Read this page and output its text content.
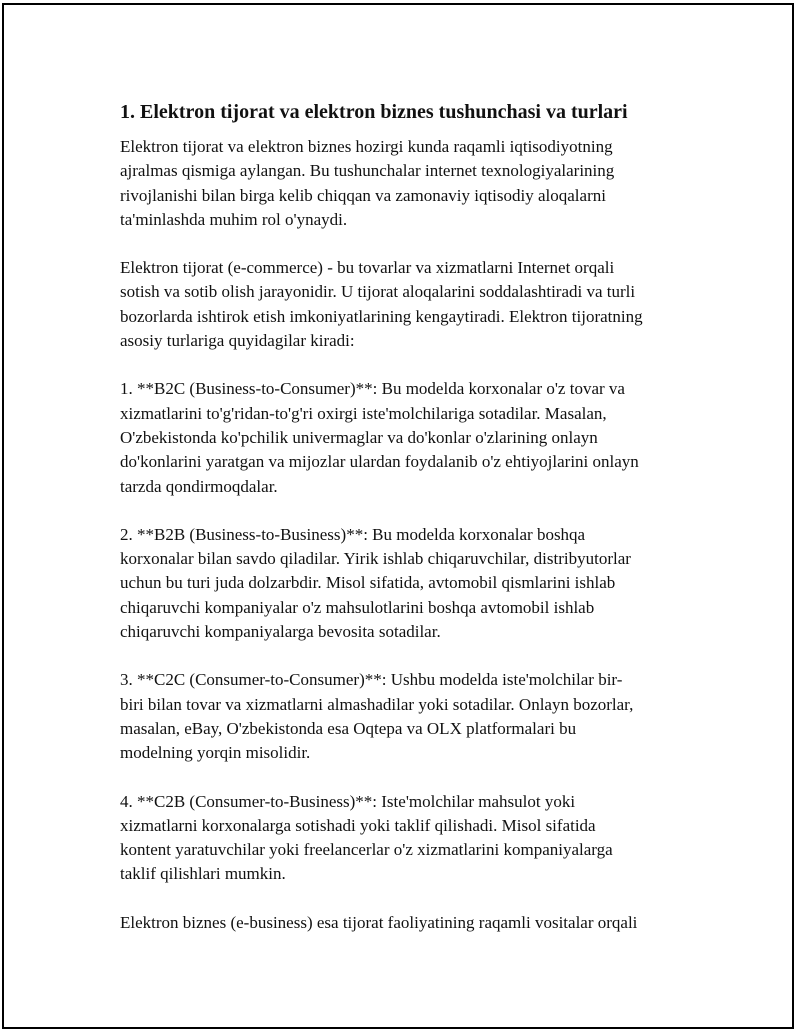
1. Elektron tijorat va elektron biznes tushunchasi va turlari
Elektron tijorat va elektron biznes hozirgi kunda raqamli iqtisodiyotning
ajralmas qismiga aylangan. Bu tushunchalar internet texnologiyalarining
rivojlanishi bilan birga kelib chiqqan va zamonaviy iqtisodiy aloqalarni
ta'minlashda muhim rol o'ynaydi.
Elektron tijorat (e-commerce) - bu tovarlar va xizmatlarni Internet orqali
sotish va sotib olish jarayonidir. U tijorat aloqalarini soddalashtiradi va turli
bozorlarda ishtirok etish imkoniyatlarining kengaytiradi. Elektron tijoratning
asosiy turlariga quyidagilar kiradi:
1. **B2C (Business-to-Consumer)**: Bu modelda korxonalar o'z tovar va
xizmatlarini to'g'ridan-to'g'ri oxirgi iste'molchilariga sotadilar. Masalan,
O'zbekistonda ko'pchilik univermaglar va do'konlar o'zlarining onlayn
do'konlarini yaratgan va mijozlar ulardan foydalanib o'z ehtiyojlarini onlayn
tarzda qondirmoqdalar.
2. **B2B (Business-to-Business)**: Bu modelda korxonalar boshqa
korxonalar bilan savdo qiladilar. Yirik ishlab chiqaruvchilar, distribyutorlar
uchun bu turi juda dolzarbdir. Misol sifatida, avtomobil qismlarini ishlab
chiqaruvchi kompaniyalar o'z mahsulotlarini boshqa avtomobil ishlab
chiqaruvchi kompaniyalarga bevosita sotadilar.
3. **C2C (Consumer-to-Consumer)**: Ushbu modelda iste'molchilar bir-
biri bilan tovar va xizmatlarni almashadilar yoki sotadilar. Onlayn bozorlar,
masalan, eBay, O'zbekistonda esa Oqtepa va OLX platformalari bu
modelning yorqin misolidir.
4. **C2B (Consumer-to-Business)**: Iste'molchilar mahsulot yoki
xizmatlarni korxonalarga sotishadi yoki taklif qilishadi. Misol sifatida
kontent yaratuvchilar yoki freelancerlar o'z xizmatlarini kompaniyalarga
taklif qilishlari mumkin.
Elektron biznes (e-business) esa tijorat faoliyatining raqamli vositalar orqali
